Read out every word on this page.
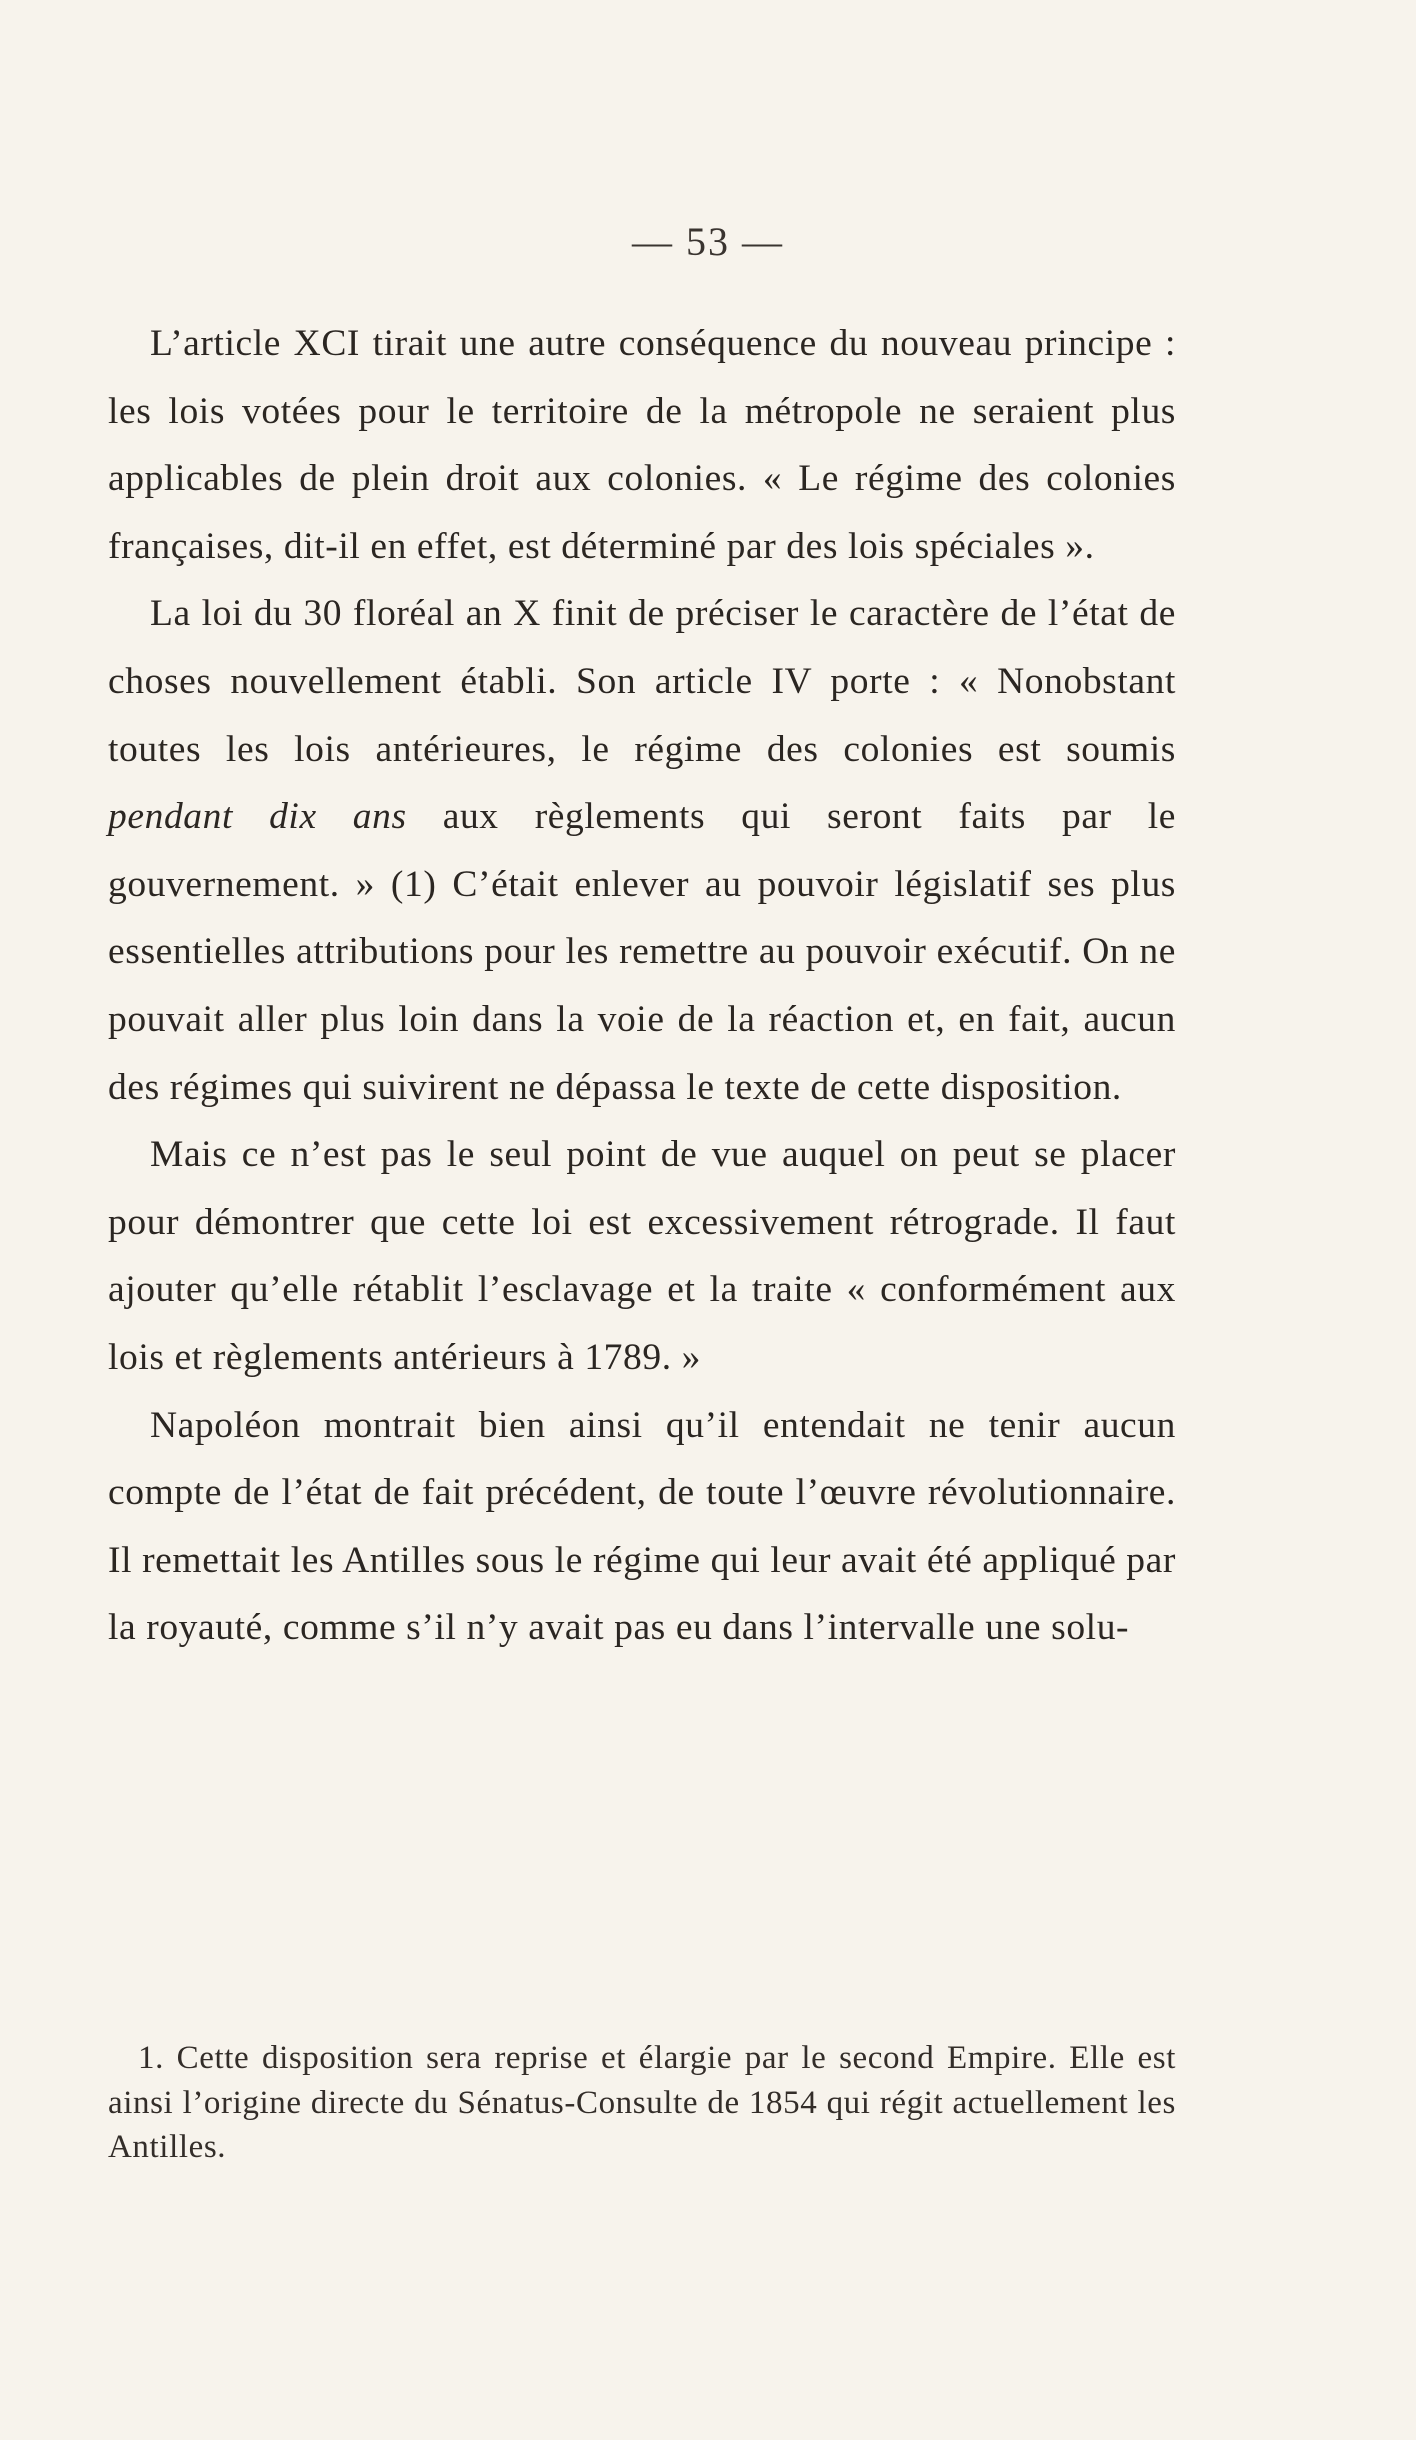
— 53 —

L’article XCI tirait une autre conséquence du nouveau principe : les lois votées pour le territoire de la métropole ne seraient plus applicables de plein droit aux colonies. « Le régime des colonies françaises, dit-il en effet, est déterminé par des lois spéciales ».

La loi du 30 floréal an X finit de préciser le caractère de l’état de choses nouvellement établi. Son article IV porte : « Nonobstant toutes les lois antérieures, le régime des colonies est soumis pendant dix ans aux règlements qui seront faits par le gouvernement. » (1) C’était enlever au pouvoir législatif ses plus essentielles attributions pour les remettre au pouvoir exécutif. On ne pouvait aller plus loin dans la voie de la réaction et, en fait, aucun des régimes qui suivirent ne dépassa le texte de cette disposition.

Mais ce n’est pas le seul point de vue auquel on peut se placer pour démontrer que cette loi est excessivement rétrograde. Il faut ajouter qu’elle rétablit l’esclavage et la traite « conformément aux lois et règlements antérieurs à 1789. »

Napoléon montrait bien ainsi qu’il entendait ne tenir aucun compte de l’état de fait précédent, de toute l’œuvre révolutionnaire. Il remettait les Antilles sous le régime qui leur avait été appliqué par la royauté, comme s’il n’y avait pas eu dans l’intervalle une solu-

1. Cette disposition sera reprise et élargie par le second Empire. Elle est ainsi l’origine directe du Sénatus-Consulte de 1854 qui régit actuellement les Antilles.
